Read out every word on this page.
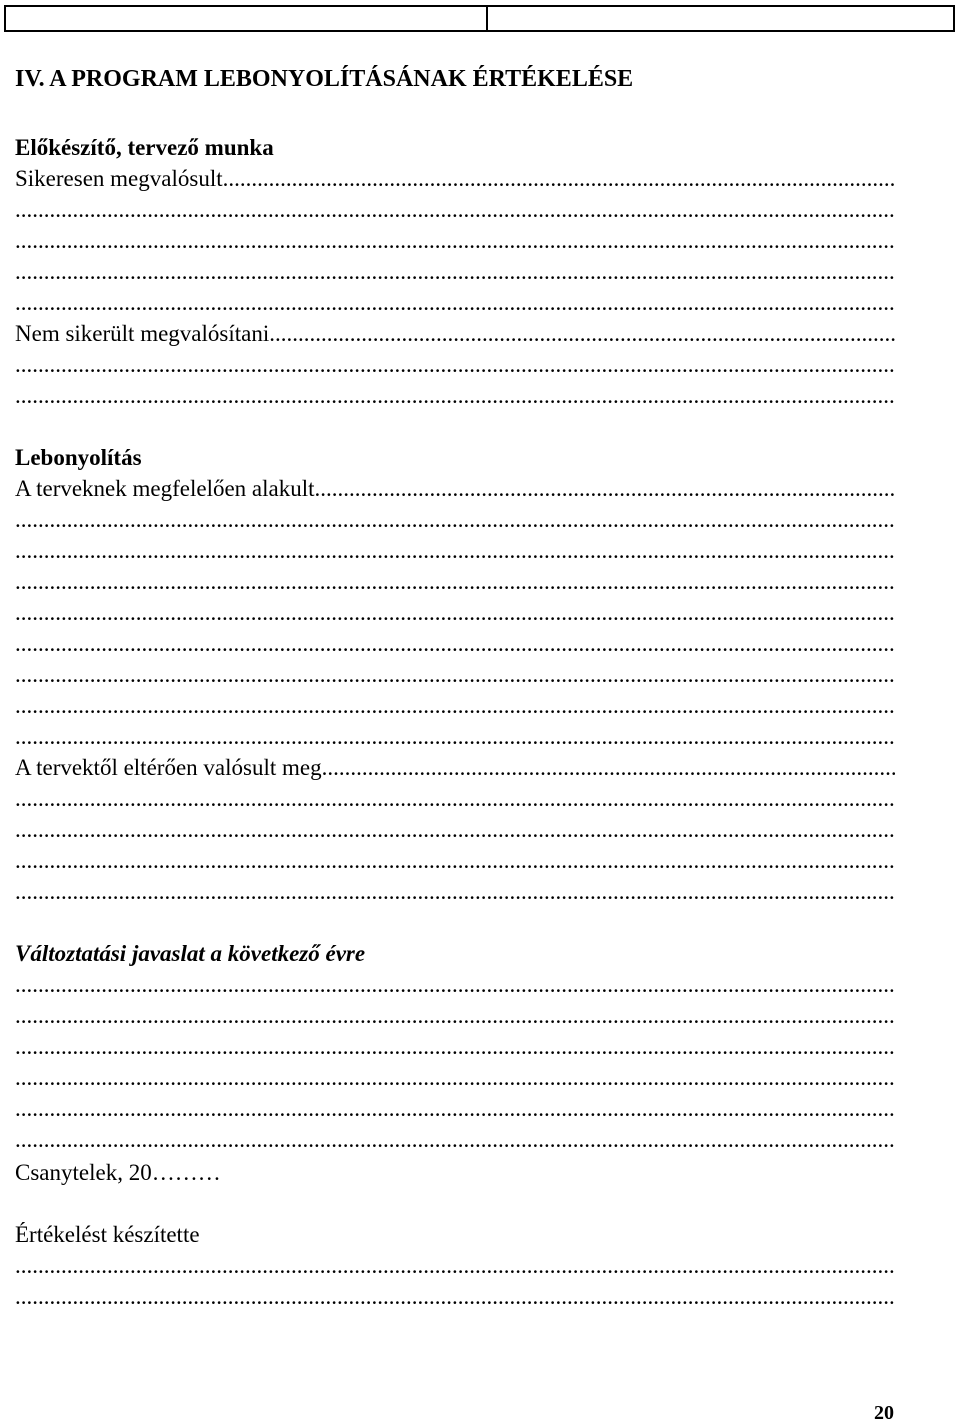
IV. A PROGRAM LEBONYOLÍTÁSÁNAK ÉRTÉKELÉSE
Előkészítő, tervező munka
Sikeresen megvalósult
.....
.....
.....
.....
.....
Nem sikerült megvalósítani
.....
.....
.....
Lebonyolítás
A terveknek megfelelően alakult
.....
.....
.....
.....
.....
.....
.....
.....
.....
A tervektől eltérően valósult meg
.....
.....
.....
.....
.....
Változtatási javaslat a következő évre
.....
.....
.....
.....
.....
.....
Csanytelek, 20………
Értékelést készítette
.....
.....
20
